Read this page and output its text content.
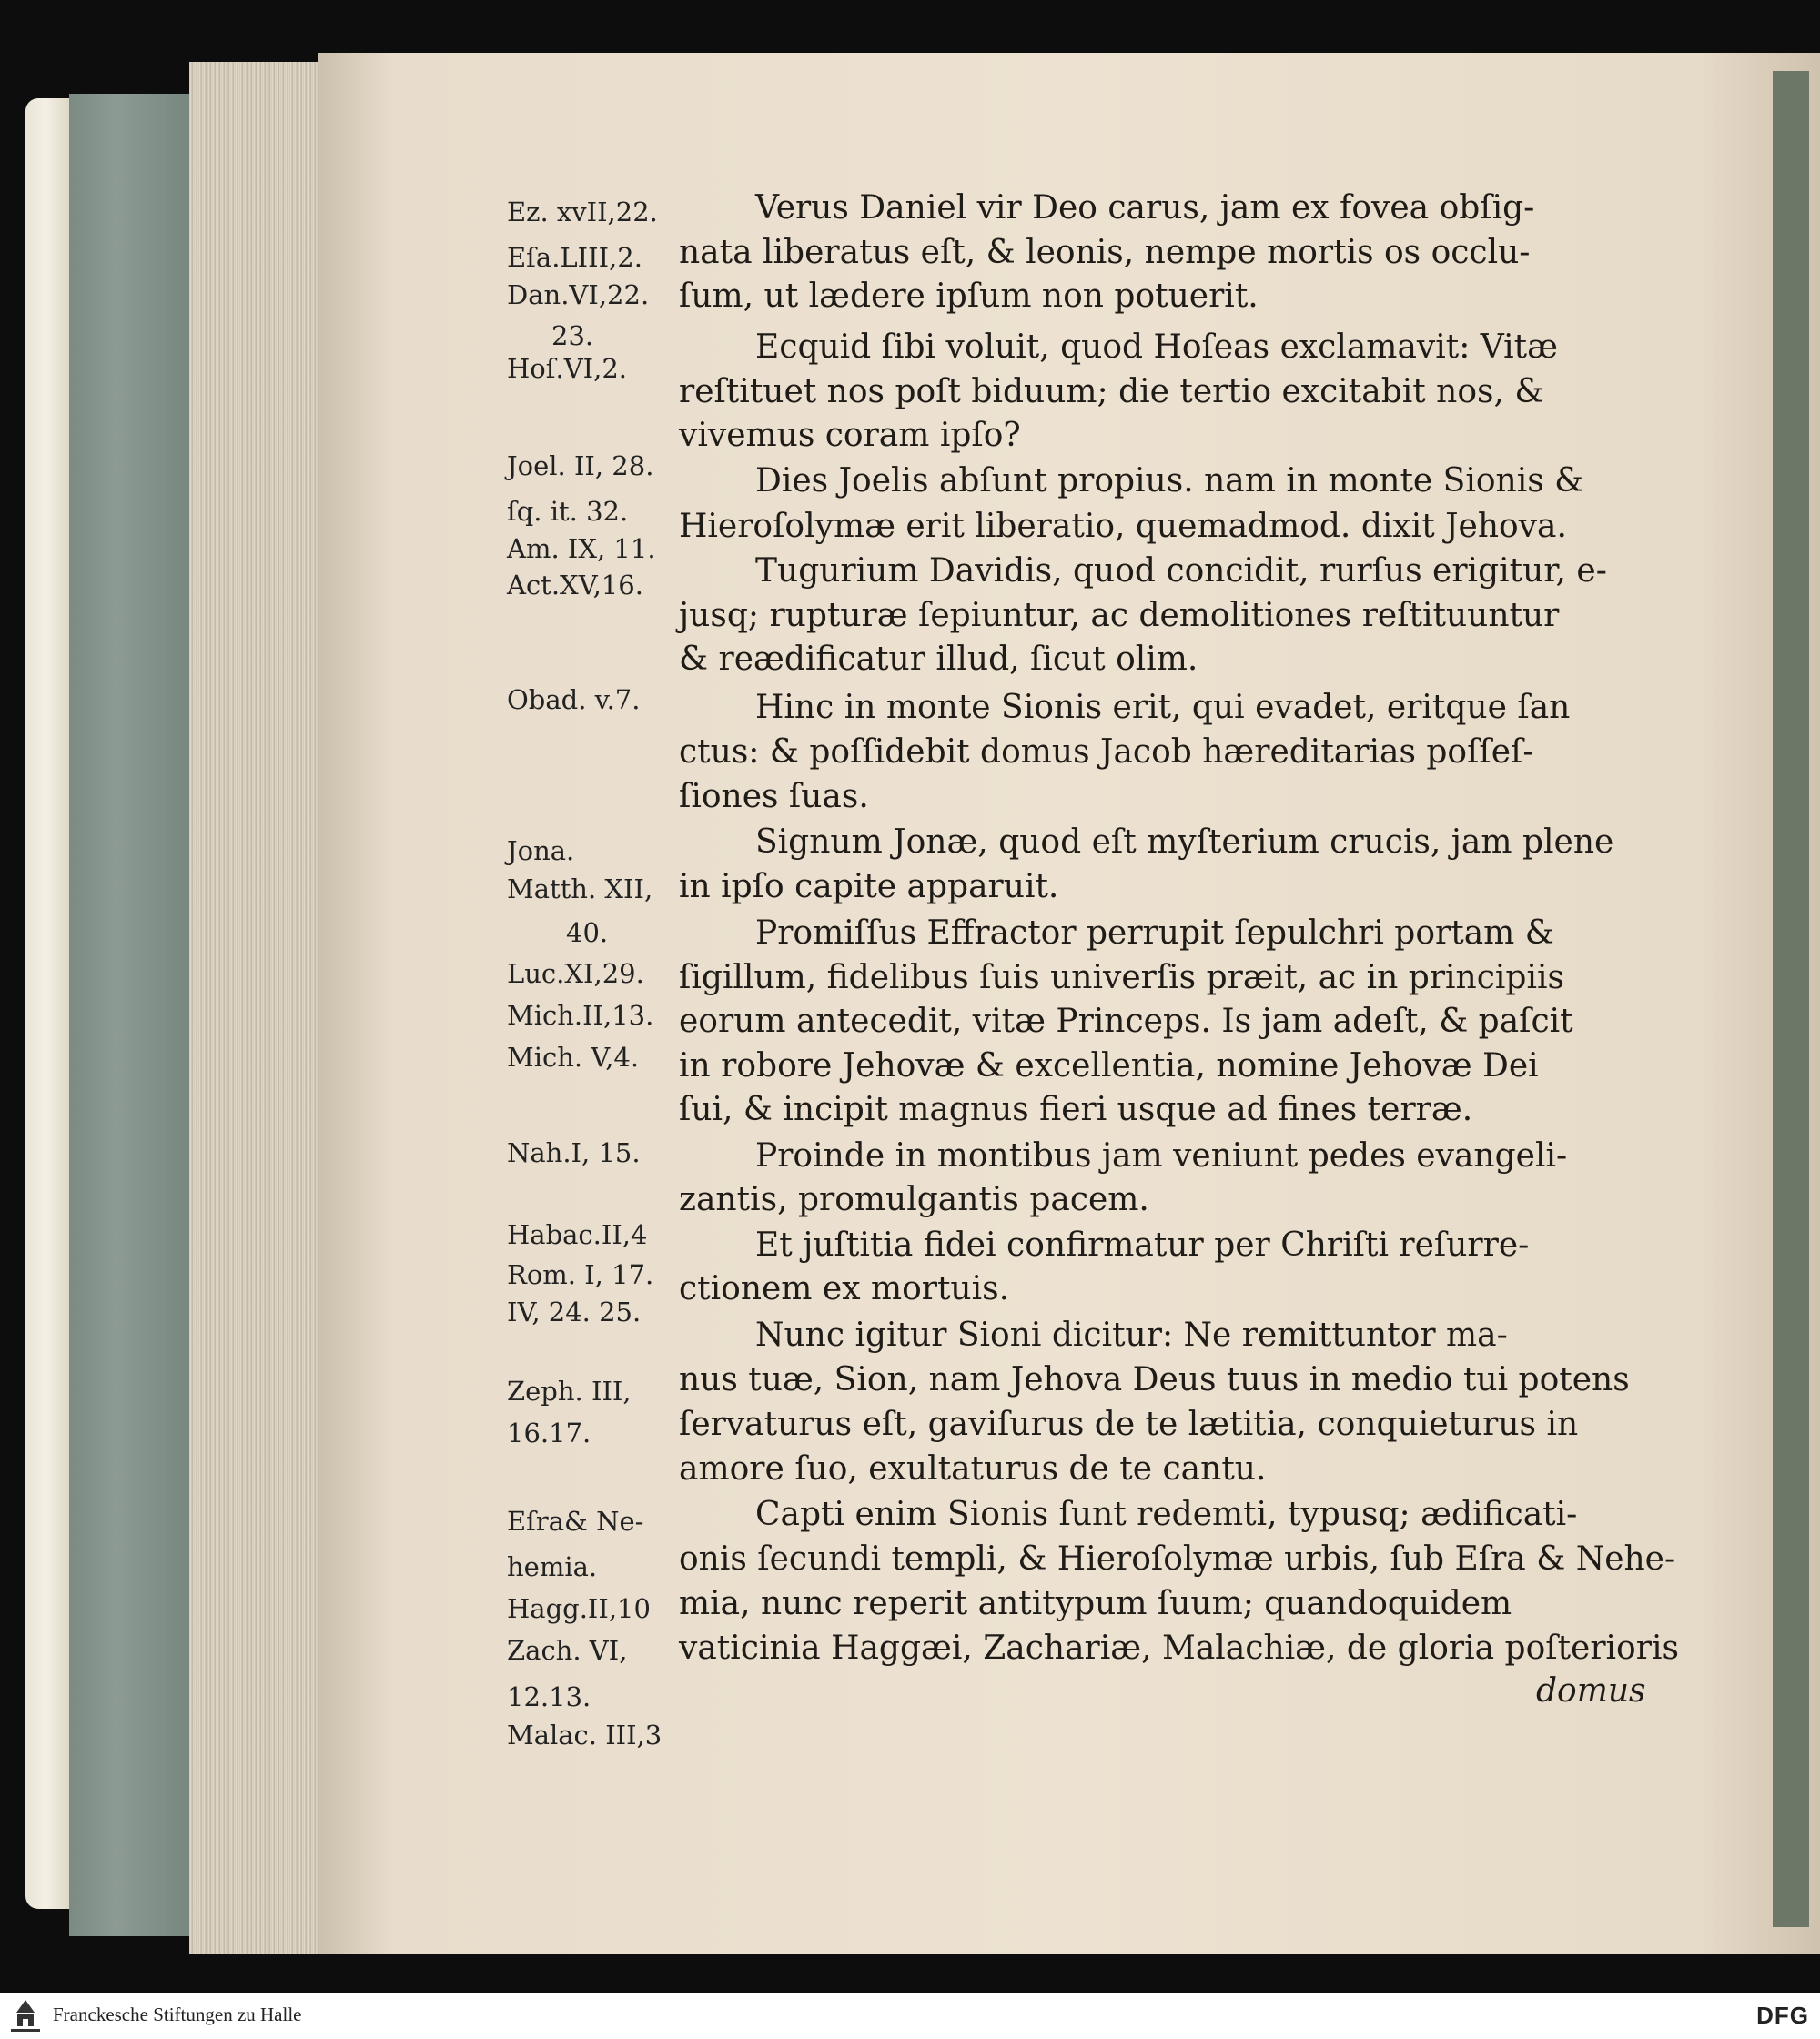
Ez. xvII,22.
Eſa.LIII,2.
Dan.VI,22.
23.
Hoſ.VI,2.
Joel. II, 28.
ſq. it. 32.
Am. IX, 11.
Act.XV,16.
Obad. v.7.
Jona.
Matth. XII,
40.
Luc.XI,29.
Mich.II,13.
Mich. V,4.
Nah.I, 15.
Habac.II,4
Rom. I, 17.
IV, 24. 25.
Zeph. III,
16.17.
Eſra& Ne-
hemia.
Hagg.II,10
Zach. VI,
12.13.
Malac. III,3
Verus Daniel vir Deo carus, jam ex fovea obſig-
nata liberatus eſt, & leonis, nempe mortis os occlu-
ſum, ut lædere ipſum non potuerit.
Ecquid ſibi voluit, quod Hoſeas exclamavit: Vitæ
reſtituet nos poſt biduum; die tertio excitabit nos, &
vivemus coram ipſo?
Dies Joelis abſunt propius. nam in monte Sionis &
Hieroſolymæ erit liberatio, quemadmod. dixit Jehova.
Tugurium Davidis, quod concidit, rurſus erigitur, e-
jusq; rupturæ ſepiuntur, ac demolitiones reſtituuntur
& reædificatur illud, ſicut olim.
Hinc in monte Sionis erit, qui evadet, eritque ſan
ctus: & poſſidebit domus Jacob hæreditarias poſſeſ-
ſiones ſuas.
Signum Jonæ, quod eſt myſterium crucis, jam plene
in ipſo capite apparuit.
Promiſſus Effractor perrupit ſepulchri portam &
ſigillum, fidelibus ſuis univerſis præit, ac in principiis
eorum antecedit, vitæ Princeps. Is jam adeſt, & paſcit
in robore Jehovæ & excellentia, nomine Jehovæ Dei
ſui, & incipit magnus fieri usque ad fines terræ.
Proinde in montibus jam veniunt pedes evangeli-
zantis, promulgantis pacem.
Et juſtitia fidei confirmatur per Chriſti reſurre-
ctionem ex mortuis.
Nunc igitur Sioni dicitur: Ne remittuntor ma-
nus tuæ, Sion, nam Jehova Deus tuus in medio tui potens
ſervaturus eſt, gaviſurus de te lætitia, conquieturus in
amore ſuo, exultaturus de te cantu.
Capti enim Sionis ſunt redemti, typusq; ædificati-
onis ſecundi templi, & Hieroſolymæ urbis, ſub Eſra & Nehe-
mia, nunc reperit antitypum ſuum; quandoquidem
vaticinia Haggæi, Zachariæ, Malachiæ, de gloria poſterioris
domus
Franckesche Stiftungen zu Halle	DFG
